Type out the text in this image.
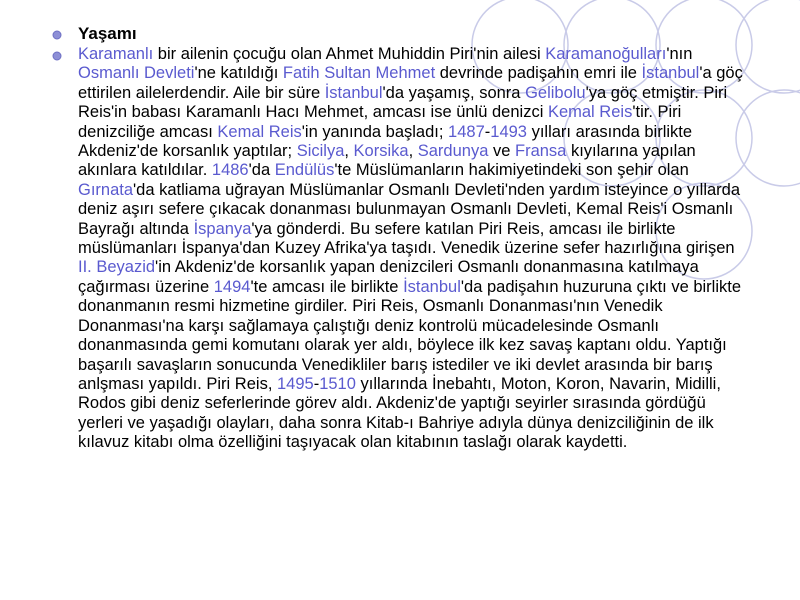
Yaşamı
Karamanlı bir ailenin çocuğu olan Ahmet Muhiddin Piri'nin ailesi Karamanoğulları'nın Osmanlı Devleti'ne katıldığı Fatih Sultan Mehmet devrinde padişahın emri ile İstanbul'a göç ettirilen ailelerdendir. Aile bir süre İstanbul'da yaşamış, sonra Gelibolu'ya göç etmiştir. Piri Reis'in babası Karamanlı Hacı Mehmet, amcası ise ünlü denizci Kemal Reis'tir. Piri denizciliğe amcası Kemal Reis'in yanında başladı; 1487-1493 yılları arasında birlikte Akdeniz'de korsanlık yaptılar; Sicilya, Korsika, Sardunya ve Fransa kıyılarına yapılan akınlara katıldılar. 1486'da Endülüs'te Müslümanların hakimiyetindeki son şehir olan Gırnata'da katliama uğrayan Müslümanlar Osmanlı Devleti'nden yardım isteyince o yıllarda deniz aşırı sefere çıkacak donanması bulunmayan Osmanlı Devleti, Kemal Reis'i Osmanlı Bayrağı altında İspanya'ya gönderdi. Bu sefere katılan Piri Reis, amcası ile birlikte müslümanları İspanya'dan Kuzey Afrika'ya taşıdı. Venedik üzerine sefer hazırlığına girişen II. Beyazid'in Akdeniz'de korsanlık yapan denizcileri Osmanlı donanmasına katılmaya çağırması üzerine 1494'te amcası ile birlikte İstanbul'da padişahın huzuruna çıktı ve birlikte donanmanın resmi hizmetine girdiler. Piri Reis, Osmanlı Donanması'nın Venedik Donanması'na karşı sağlamaya çalıştığı deniz kontrolü mücadelesinde Osmanlı donanmasında gemi komutanı olarak yer aldı, böylece ilk kez savaş kaptanı oldu. Yaptığı başarılı savaşların sonucunda Venedikliler barış istediler ve iki devlet arasında bir barış anlşması yapıldı. Piri Reis, 1495-1510 yıllarında İnebahtı, Moton, Koron, Navarin, Midilli, Rodos gibi deniz seferlerinde görev aldı. Akdeniz'de yaptığı seyirler sırasında gördüğü yerleri ve yaşadığı olayları, daha sonra Kitab-ı Bahriye adıyla dünya denizciliğinin de ilk kılavuz kitabı olma özelliğini taşıyacak olan kitabının taslağı olarak kaydetti.
